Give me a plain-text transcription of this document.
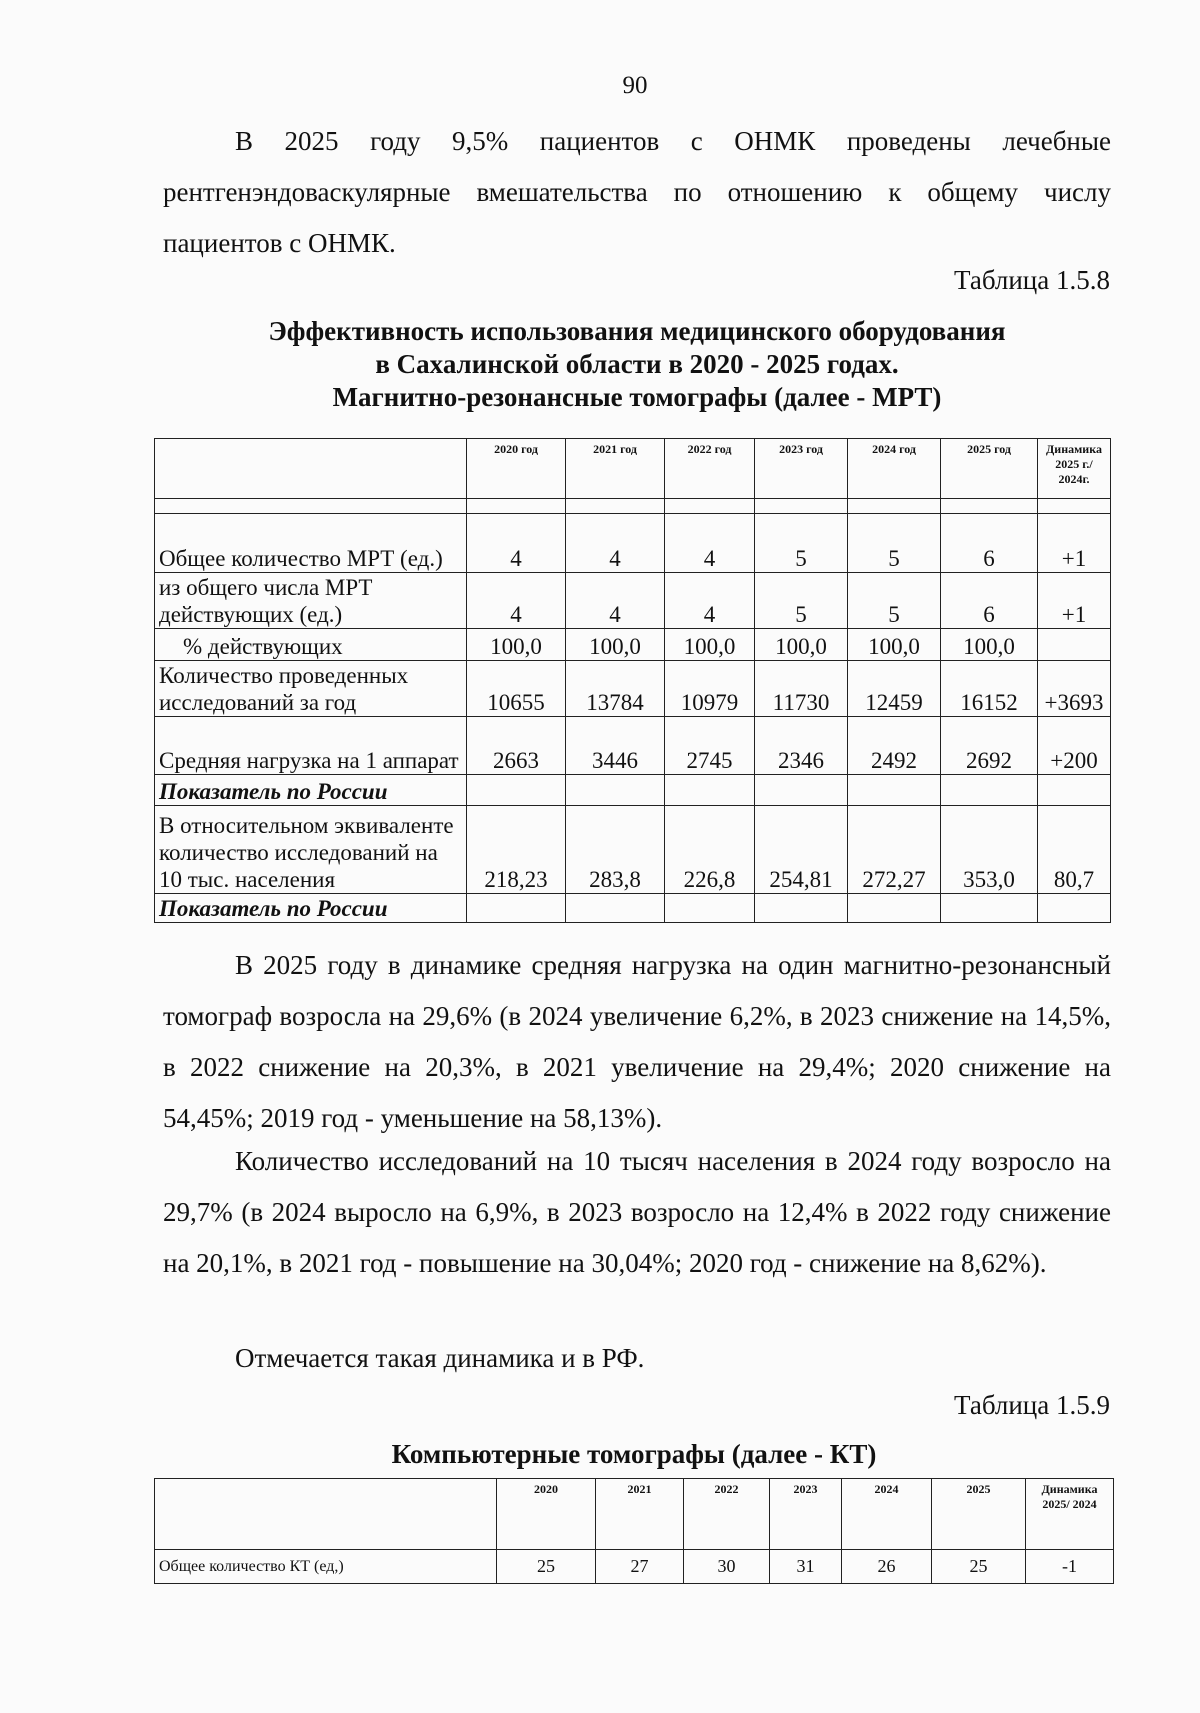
90

В 2025 году 9,5% пациентов с ОНМК проведены лечебные рентгенэндоваскулярные вмешательства по отношению к общему числу пациентов с ОНМК.

Таблица 1.5.8
Эффективность использования медицинского оборудования
в Сахалинской области в 2020 - 2025 годах.
Магнитно-резонансные томографы (далее - МРТ)
	2020 год	2021 год	2022 год	2023 год	2024 год	2025 год	Динамика 2025 г./ 2024г.

Общее количество МРТ (ед.)	4	4	4	5	5	6	+1
из общего числа МРТ действующих (ед.)	4	4	4	5	5	6	+1
% действующих	100,0	100,0	100,0	100,0	100,0	100,0	
Количество проведенных исследований за год	10655	13784	10979	11730	12459	16152	+3693
Средняя нагрузка на 1 аппарат	2663	3446	2745	2346	2492	2692	+200
Показатель по России							
В относительном эквиваленте количество исследований на 10 тыс. населения	218,23	283,8	226,8	254,81	272,27	353,0	80,7
Показатель по России							

В 2025 году в динамике средняя нагрузка на один магнитно-резонансный томограф возросла на 29,6% (в 2024 увеличение 6,2%, в 2023 снижение на 14,5%, в 2022 снижение на 20,3%, в 2021 увеличение на 29,4%; 2020 снижение на 54,45%; 2019 год - уменьшение на 58,13%).

Количество исследований на 10 тысяч населения в 2024 году возросло на 29,7% (в 2024 выросло на 6,9%, в 2023 возросло на 12,4% в 2022 году снижение на 20,1%, в 2021 год - повышение на 30,04%; 2020 год - снижение на 8,62%).

Отмечается такая динамика и в РФ.

Таблица 1.5.9
Компьютерные томографы (далее - КТ)
	2020	2021	2022	2023	2024	2025	Динамика 2025/ 2024
Общее количество КТ (ед,)	25	27	30	31	26	25	-1
